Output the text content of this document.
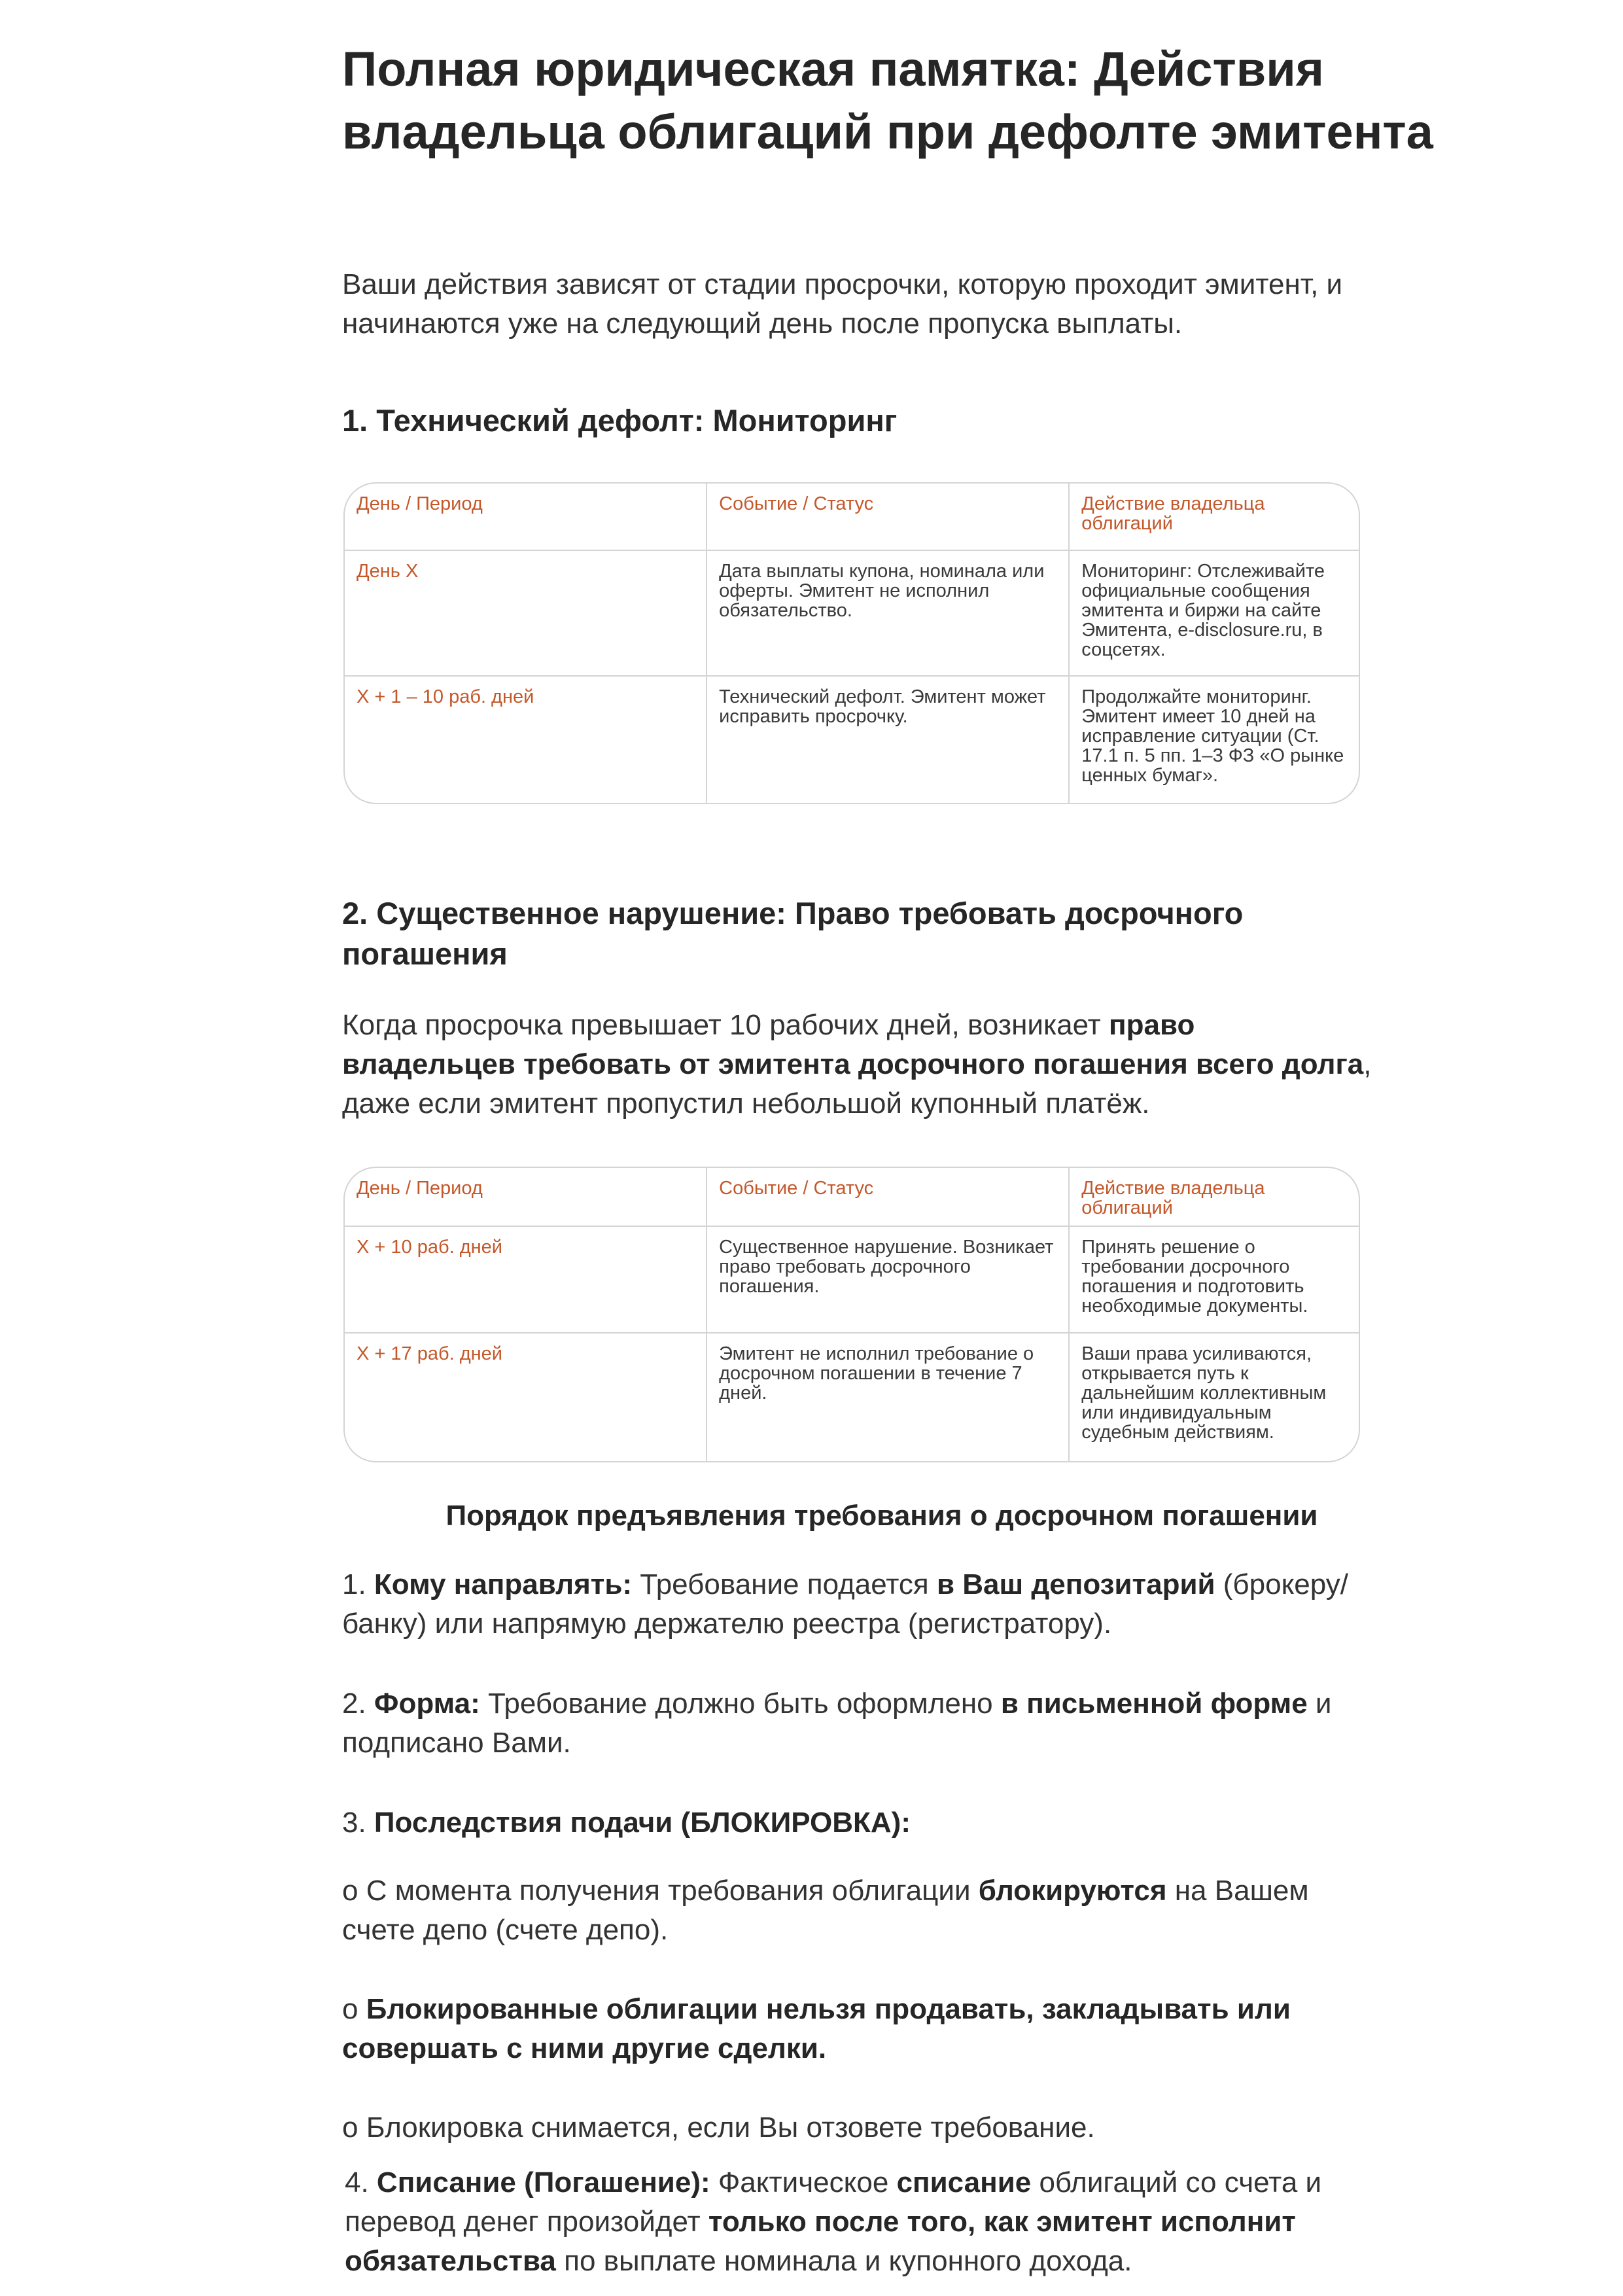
Полная юридическая памятка: Действия владельца облигаций при дефолте эмитента

Ваши действия зависят от стадии просрочки, которую проходит эмитент, и начинаются уже на следующий день после пропуска выплаты.

1. Технический дефолт: Мониторинг

День / Период	Событие / Статус	Действие владельца облигаций
День X	Дата выплаты купона, номинала или оферты. Эмитент не исполнил обязательство.	Мониторинг: Отслеживайте официальные сообщения эмитента и биржи на сайте Эмитента, e-disclosure.ru, в соцсетях.
X + 1 – 10 раб. дней	Технический дефолт. Эмитент может исправить просрочку.	Продолжайте мониторинг. Эмитент имеет 10 дней на исправление ситуации (Ст. 17.1 п. 5 пп. 1–3 ФЗ «О рынке ценных бумаг».

2. Существенное нарушение: Право требовать досрочного погашения

Когда просрочка превышает 10 рабочих дней, возникает право владельцев требовать от эмитента досрочного погашения всего долга, даже если эмитент пропустил небольшой купонный платёж.

День / Период	Событие / Статус	Действие владельца облигаций
X + 10 раб. дней	Существенное нарушение. Возникает право требовать досрочного погашения.	Принять решение о требовании досрочного погашения и подготовить необходимые документы.
X + 17 раб. дней	Эмитент не исполнил требование о досрочном погашении в течение 7 дней.	Ваши права усиливаются, открывается путь к дальнейшим коллективным или индивидуальным судебным действиям.
Порядок предъявления требования о досрочном погашении

1. Кому направлять: Требование подается в Ваш депозитарий (брокеру/банку) или напрямую держателю реестра (регистратору).

2. Форма: Требование должно быть оформлено в письменной форме и подписано Вами.

3. Последствия подачи (БЛОКИРОВКА):

o С момента получения требования облигации блокируются на Вашем счете депо (счете депо).

o Блокированные облигации нельзя продавать, закладывать или совершать с ними другие сделки.

o Блокировка снимается, если Вы отзовете требование.

4. Списание (Погашение): Фактическое списание облигаций со счета и перевод денег произойдет только после того, как эмитент исполнит обязательства по выплате номинала и купонного дохода.
